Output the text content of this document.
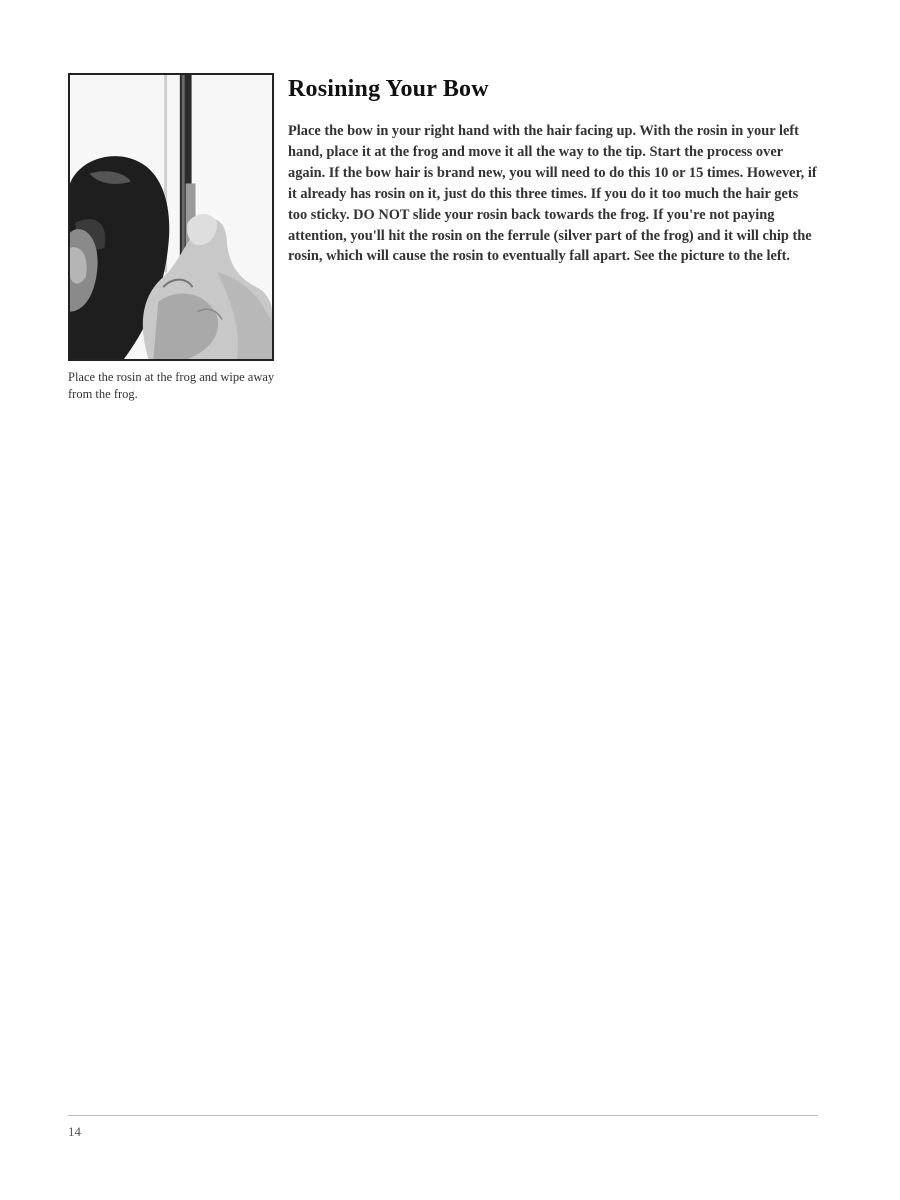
Place the rosin at the frog and wipe away from the frog.
Rosining Your Bow

Place the bow in your right hand with the hair facing up. With the rosin in your left hand, place it at the frog and move it all the way to the tip. Start the process over again. If the bow hair is brand new, you will need to do this 10 or 15 times. However, if it already has rosin on it, just do this three times. If you do it too much the hair gets too sticky. DO NOT slide your rosin back towards the frog. If you're not paying attention, you'll hit the rosin on the ferrule (silver part of the frog) and it will chip the rosin, which will cause the rosin to eventually fall apart. See the picture to the left.

14
